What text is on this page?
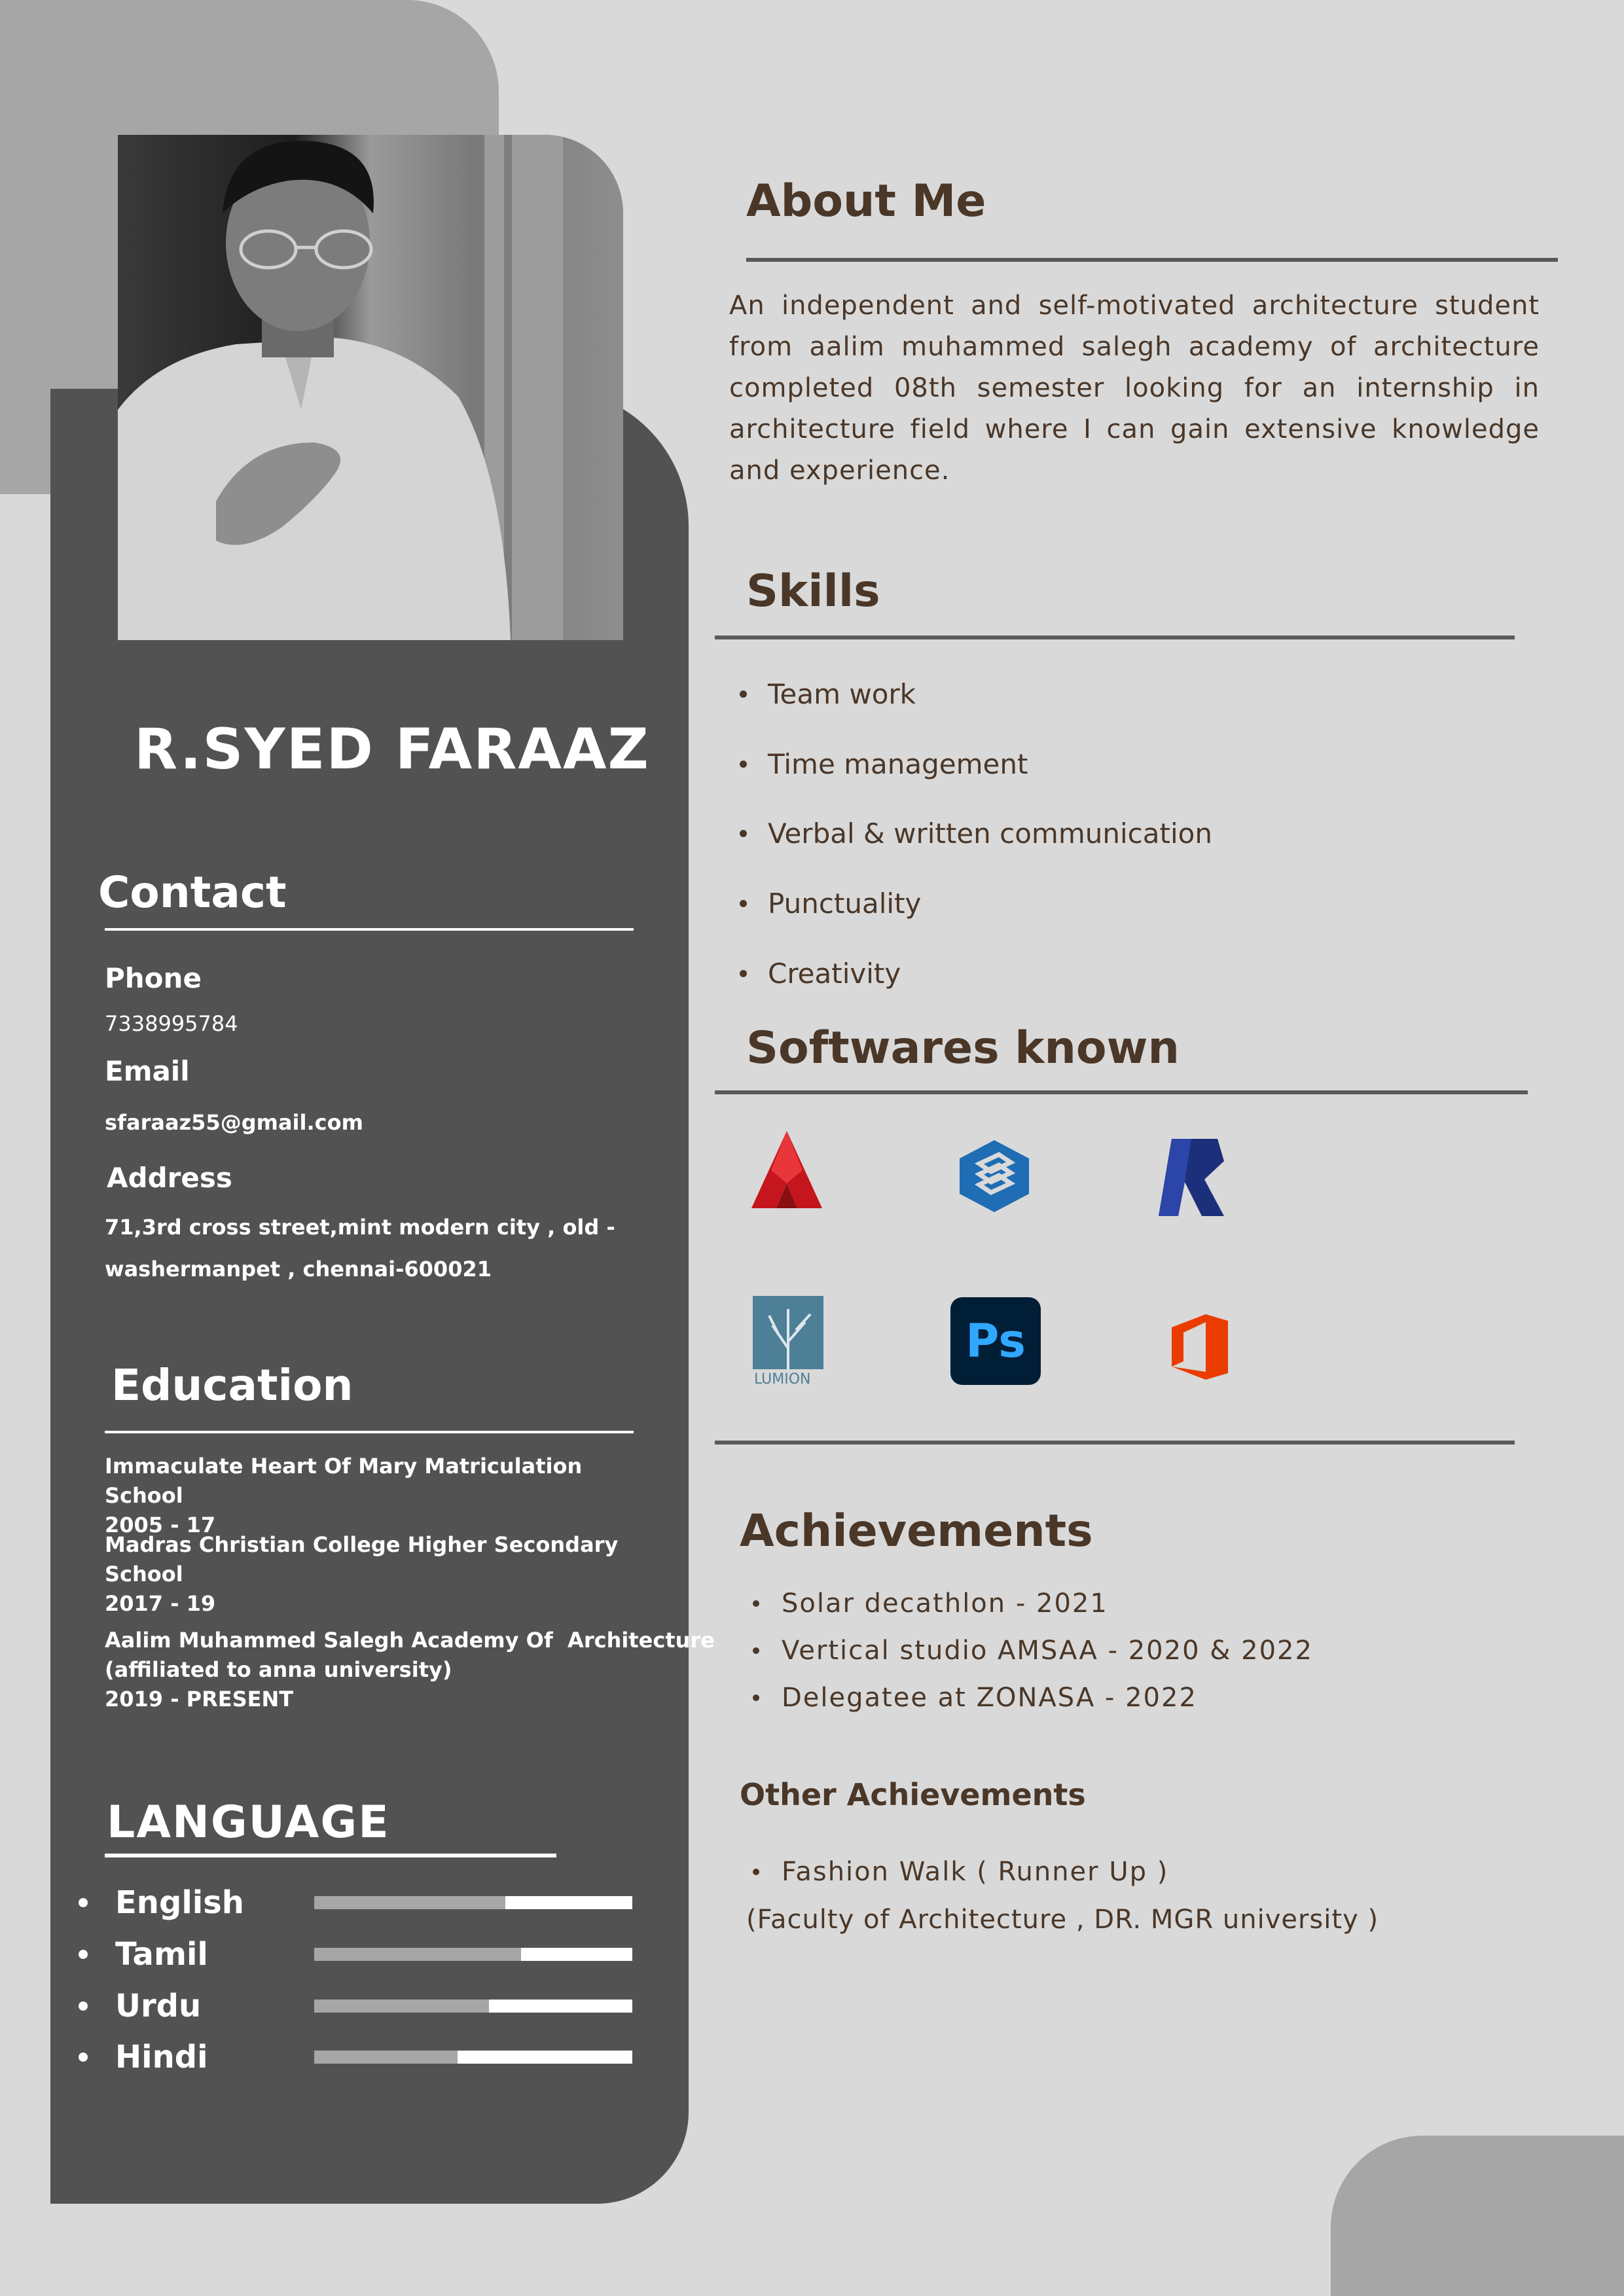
R.SYED FARAAZ
Contact
Phone
7338995784
Email
sfaraaz55@gmail.com
Address
71,3rd cross street,mint modern city , old -
washermanpet , chennai-600021
Education
Immaculate Heart Of Mary Matriculation School
2005 - 17
Madras Christian College Higher Secondary School
2017 - 19
Aalim Muhammed Salegh Academy Of  Architecture
(affiliated to anna university)
2019 - PRESENT
LANGUAGE
English
Tamil
Urdu
Hindi
About Me
An independent and self-motivated architecture student from aalim muhammed salegh academy of architecture completed 08th semester looking for an internship in architecture field where I can gain extensive knowledge and experience.
Skills
Team work
Time management
Verbal & written communication
Punctuality
Creativity
Softwares known
LUMION
Ps
Achievements
Solar decathlon - 2021
Vertical studio AMSAA - 2020 & 2022
Delegatee at ZONASA - 2022
Other Achievements
Fashion Walk ( Runner Up )
(Faculty of Architecture , DR. MGR university )
